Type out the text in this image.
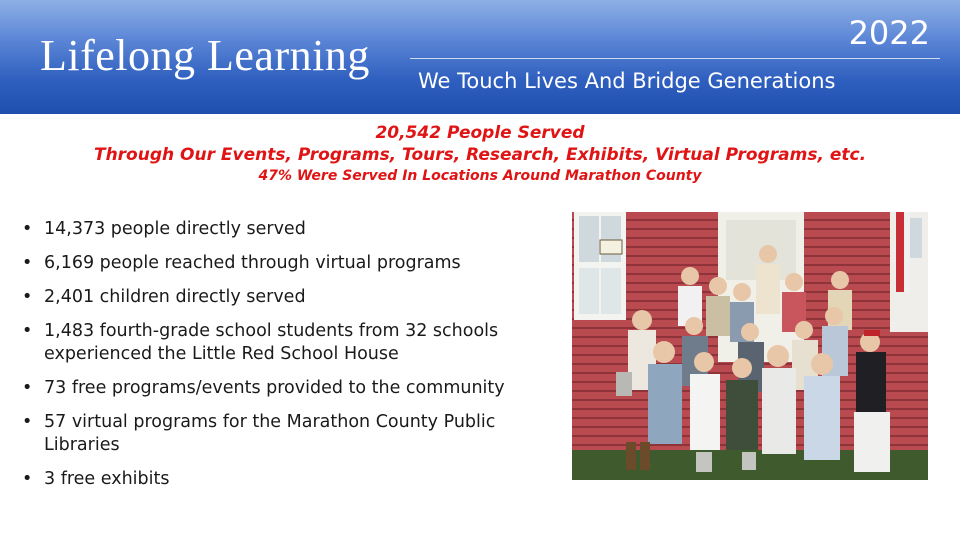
Lifelong Learning	2022
We Touch Lives And Bridge Generations
20,542 People Served
Through Our Events, Programs, Tours, Research, Exhibits, Virtual Programs, etc.
47% Were Served In Locations Around Marathon County
• 14,373 people directly served
• 6,169 people reached through virtual programs
• 2,401 children directly served
• 1,483 fourth-grade school students from 32 schools experienced the Little Red School House
• 73 free programs/events provided to the community
• 57 virtual programs for the Marathon County Public Libraries
• 3 free exhibits
